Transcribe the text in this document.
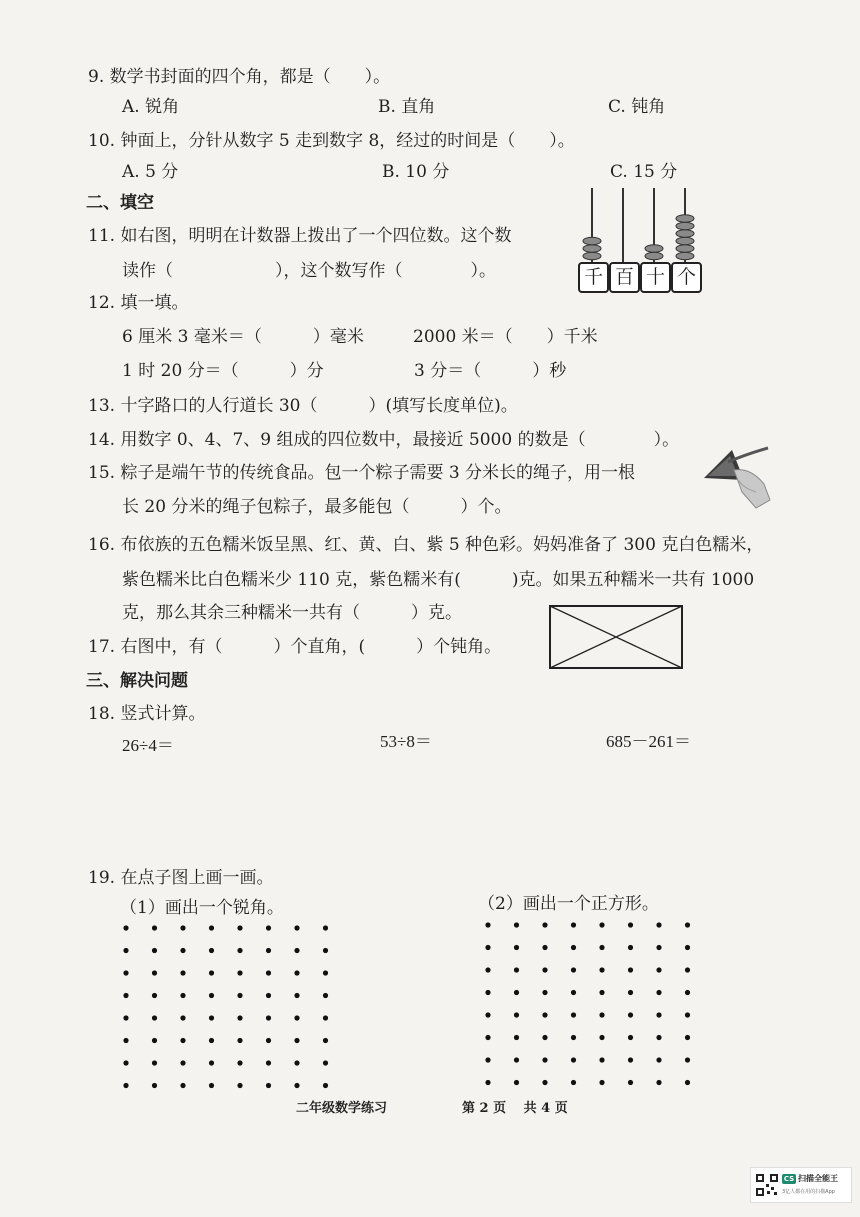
9. 数学书封面的四个角，都是（　　）。
A. 锐角	B. 直角	C. 钝角
10. 钟面上，分针从数字 5 走到数字 8，经过的时间是（　　）。
A. 5 分	B. 10 分	C. 15 分
二、填空
11. 如右图，明明在计数器上拨出了一个四位数。这个数
读作（　　　　　　），这个数写作（　　　　）。	千 百 十 个
12. 填一填。
6 厘米 3 毫米＝（　　　）毫米	2000 米＝（　　）千米
1 时 20 分＝（　　　）分	3 分＝（　　　）秒
13. 十字路口的人行道长 30（　　　）(填写长度单位)。
14. 用数字 0、4、7、9 组成的四位数中，最接近 5000 的数是（　　　　）。
15. 粽子是端午节的传统食品。包一个粽子需要 3 分米长的绳子，用一根
长 20 分米的绳子包粽子，最多能包（　　　）个。
16. 布依族的五色糯米饭呈黑、红、黄、白、紫 5 种色彩。妈妈准备了 300 克白色糯米，
紫色糯米比白色糯米少 110 克，紫色糯米有(　　　)克。如果五种糯米一共有 1000
克，那么其余三种糯米一共有（　　　）克。
17. 右图中，有（　　　）个直角，(　　　）个钝角。
三、解决问题
18. 竖式计算。
26÷4＝	53÷8＝	685－261＝
19. 在点子图上画一画。
（1）画出一个锐角。	（2）画出一个正方形。
二年级数学练习	第 2 页　 共 4 页
CS 扫描全能王
3亿人都在用的扫描App
